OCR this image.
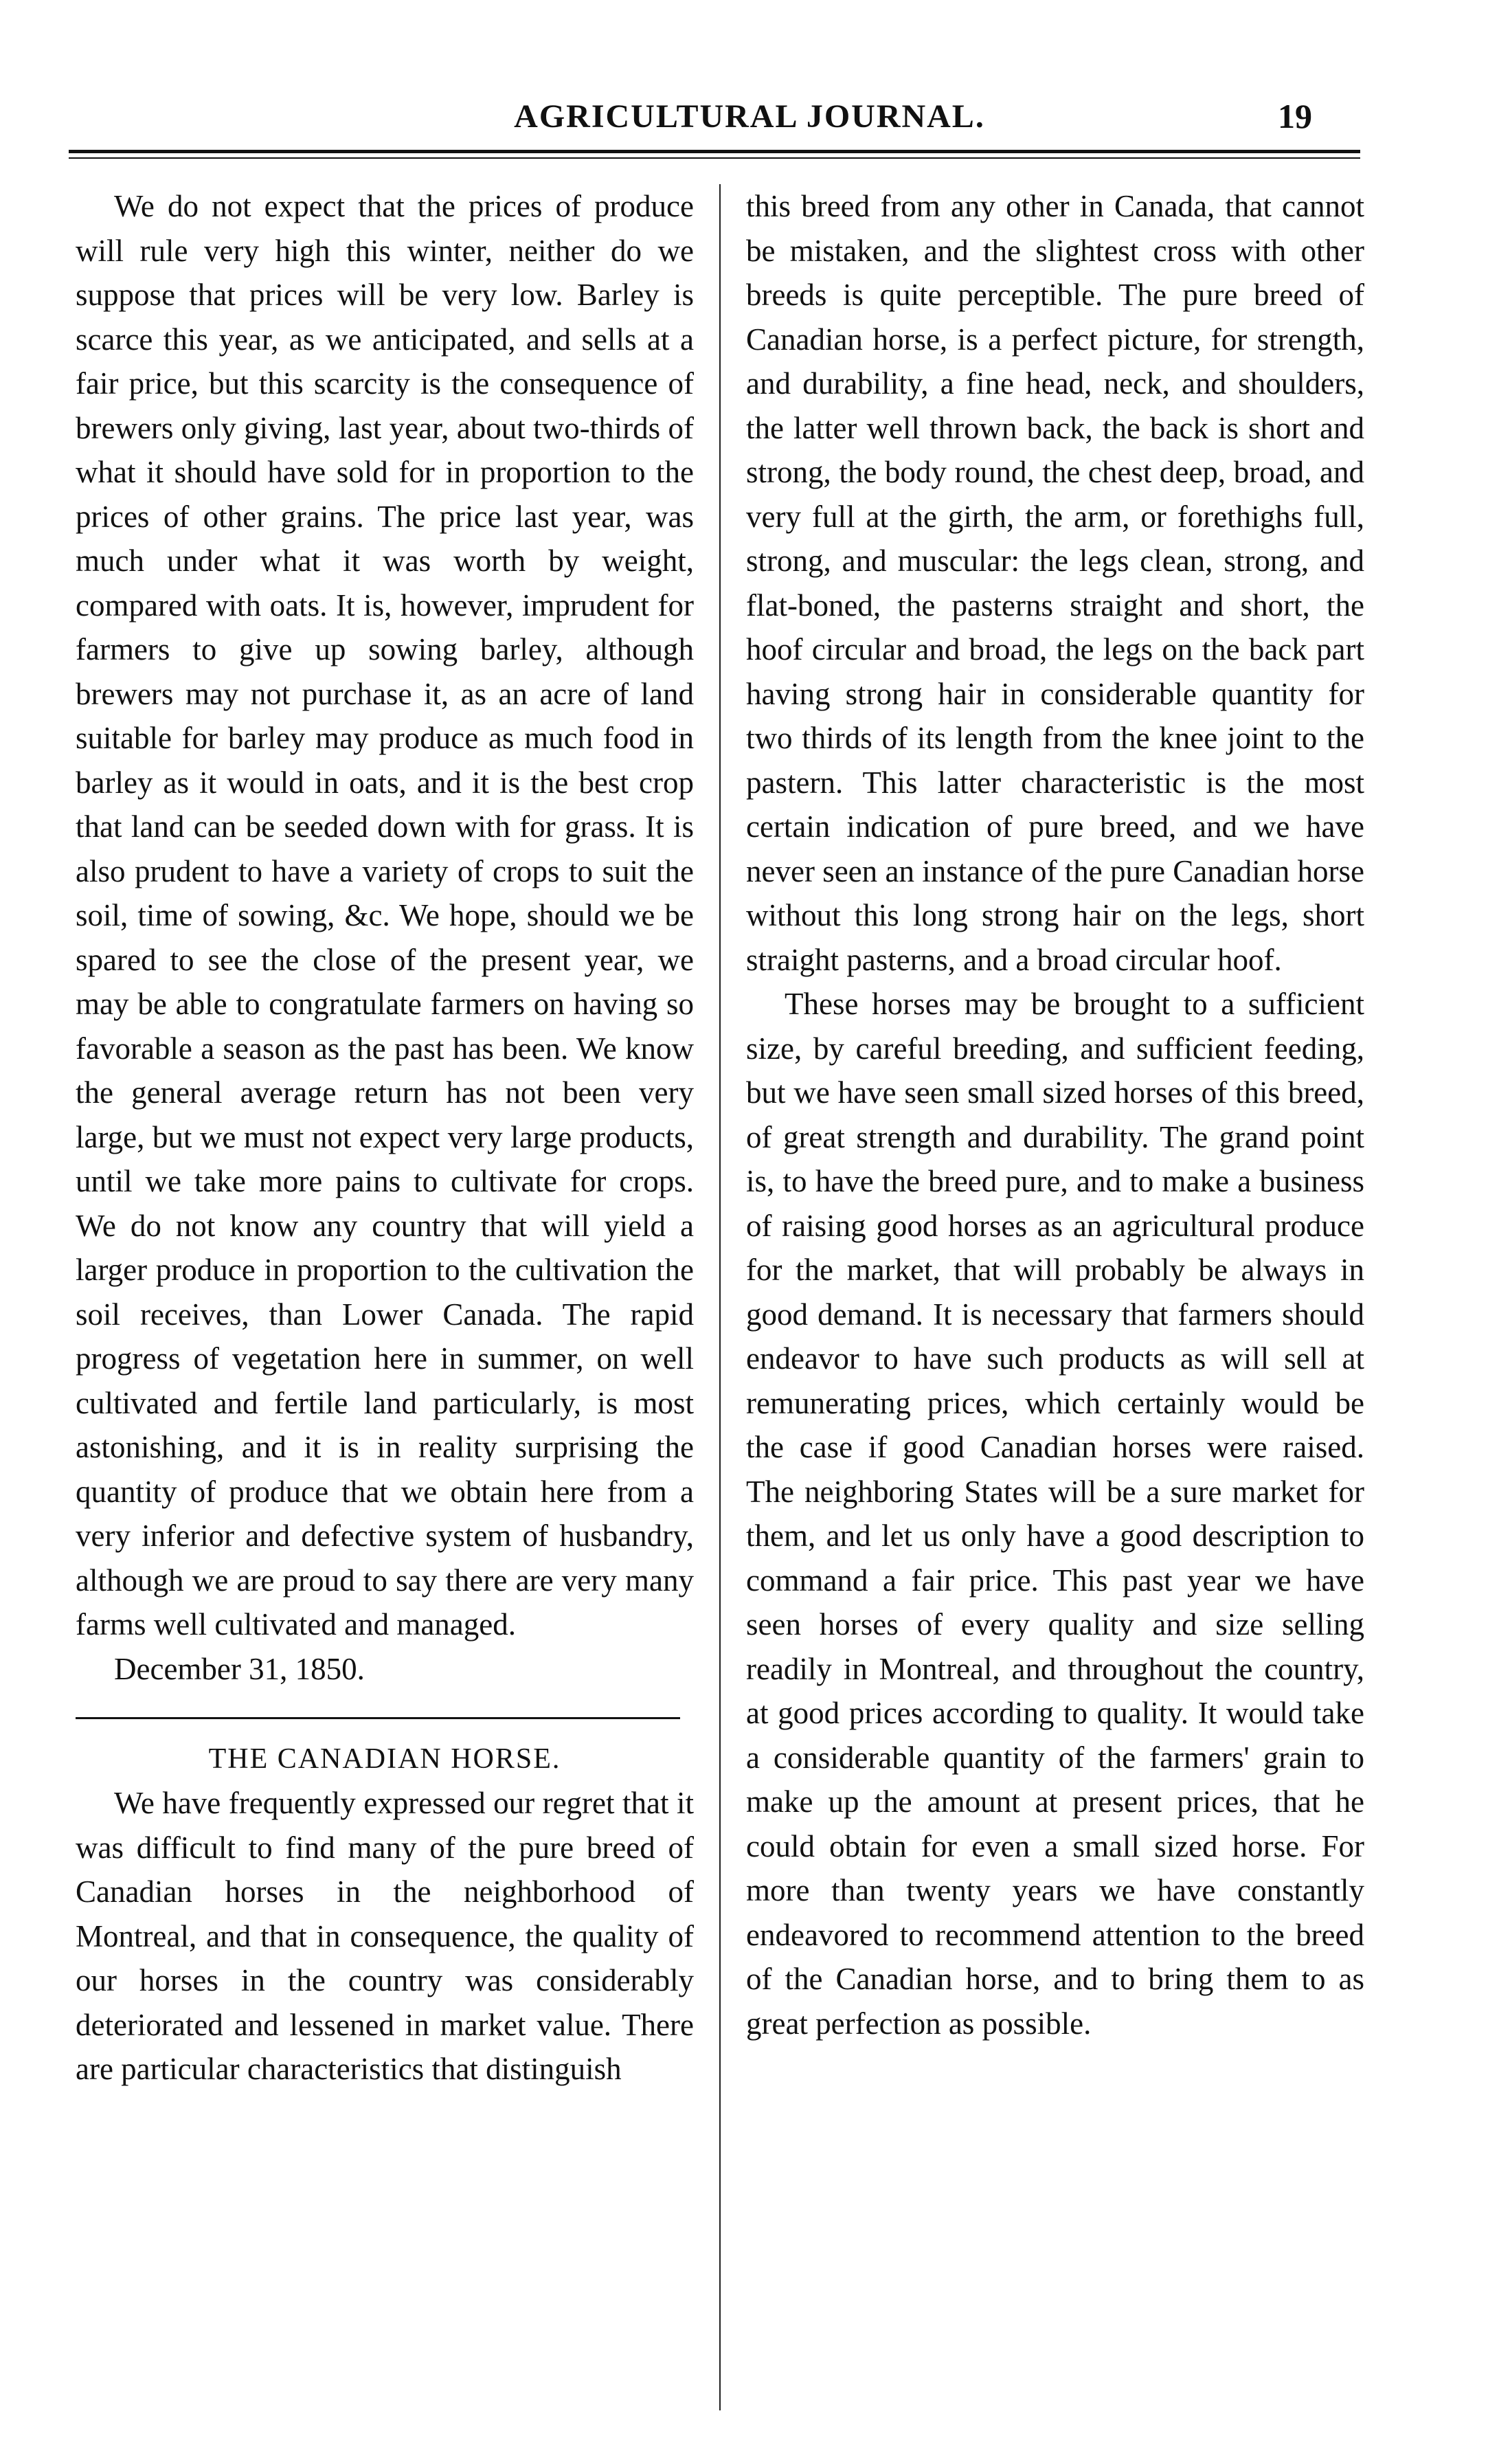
AGRICULTURAL JOURNAL.	19

We do not expect that the prices of produce will rule very high this winter, neither do we suppose that prices will be very low. Barley is scarce this year, as we anticipated, and sells at a fair price, but this scarcity is the consequence of brewers only giving, last year, about two-thirds of what it should have sold for in proportion to the prices of other grains. The price last year, was much under what it was worth by weight, compared with oats. It is, however, imprudent for farmers to give up sowing barley, although brewers may not purchase it, as an acre of land suitable for barley may produce as much food in barley as it would in oats, and it is the best crop that land can be seeded down with for grass. It is also prudent to have a variety of crops to suit the soil, time of sowing, &c. We hope, should we be spared to see the close of the present year, we may be able to congratulate farmers on having so favorable a season as the past has been. We know the general average return has not been very large, but we must not expect very large products, until we take more pains to cultivate for crops. We do not know any country that will yield a larger produce in proportion to the cultivation the soil receives, than Lower Canada. The rapid progress of vegetation here in summer, on well cultivated and fertile land particularly, is most astonishing, and it is in reality surprising the quantity of produce that we obtain here from a very inferior and defective system of husbandry, although we are proud to say there are very many farms well cultivated and managed.

December 31, 1850.

THE CANADIAN HORSE.

We have frequently expressed our regret that it was difficult to find many of the pure breed of Canadian horses in the neighborhood of Montreal, and that in consequence, the quality of our horses in the country was considerably deteriorated and lessened in market value. There are particular characteristics that distinguish

this breed from any other in Canada, that cannot be mistaken, and the slightest cross with other breeds is quite perceptible. The pure breed of Canadian horse, is a perfect picture, for strength, and durability, a fine head, neck, and shoulders, the latter well thrown back, the back is short and strong, the body round, the chest deep, broad, and very full at the girth, the arm, or forethighs full, strong, and muscular: the legs clean, strong, and flat-boned, the pasterns straight and short, the hoof circular and broad, the legs on the back part having strong hair in considerable quantity for two thirds of its length from the knee joint to the pastern. This latter characteristic is the most certain indication of pure breed, and we have never seen an instance of the pure Canadian horse without this long strong hair on the legs, short straight pasterns, and a broad circular hoof.

These horses may be brought to a sufficient size, by careful breeding, and sufficient feeding, but we have seen small sized horses of this breed, of great strength and durability. The grand point is, to have the breed pure, and to make a business of raising good horses as an agricultural produce for the market, that will probably be always in good demand. It is necessary that farmers should endeavor to have such products as will sell at remunerating prices, which certainly would be the case if good Canadian horses were raised. The neighboring States will be a sure market for them, and let us only have a good description to command a fair price. This past year we have seen horses of every quality and size selling readily in Montreal, and throughout the country, at good prices according to quality. It would take a considerable quantity of the farmers' grain to make up the amount at present prices, that he could obtain for even a small sized horse. For more than twenty years we have constantly endeavored to recommend attention to the breed of the Canadian horse, and to bring them to as great perfection as possible.
